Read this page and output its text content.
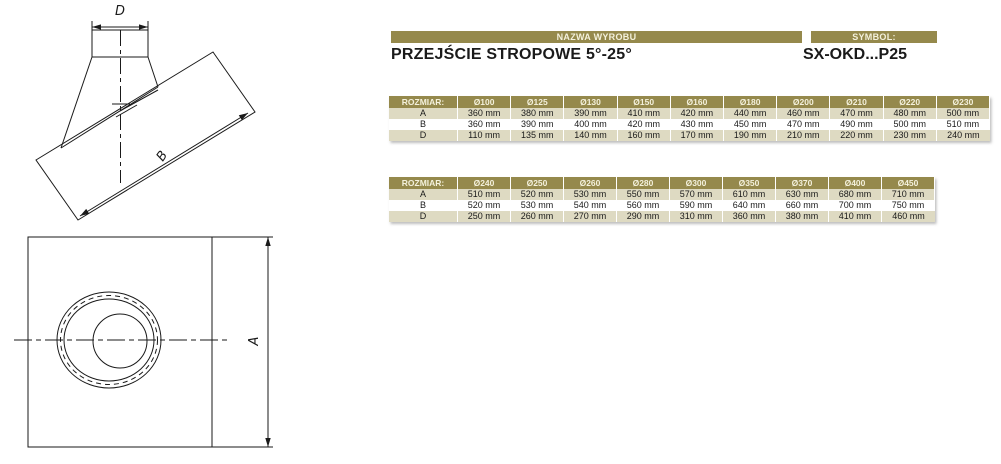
D
B
A
NAZWA WYROBU	SYMBOL:
PRZEJŚCIE STROPOWE 5°-25°	SX-OKD...P25
ROZMIAR:	Ø100	Ø125	Ø130	Ø150	Ø160	Ø180	Ø200	Ø210	Ø220	Ø230
A	360 mm	380 mm	390 mm	410 mm	420 mm	440 mm	460 mm	470 mm	480 mm	500 mm
B	360 mm	390 mm	400 mm	420 mm	430 mm	450 mm	470 mm	490 mm	500 mm	510 mm
D	110 mm	135 mm	140 mm	160 mm	170 mm	190 mm	210 mm	220 mm	230 mm	240 mm
ROZMIAR:	Ø240	Ø250	Ø260	Ø280	Ø300	Ø350	Ø370	Ø400	Ø450
A	510 mm	520 mm	530 mm	550 mm	570 mm	610 mm	630 mm	680 mm	710 mm
B	520 mm	530 mm	540 mm	560 mm	590 mm	640 mm	660 mm	700 mm	750 mm
D	250 mm	260 mm	270 mm	290 mm	310 mm	360 mm	380 mm	410 mm	460 mm
